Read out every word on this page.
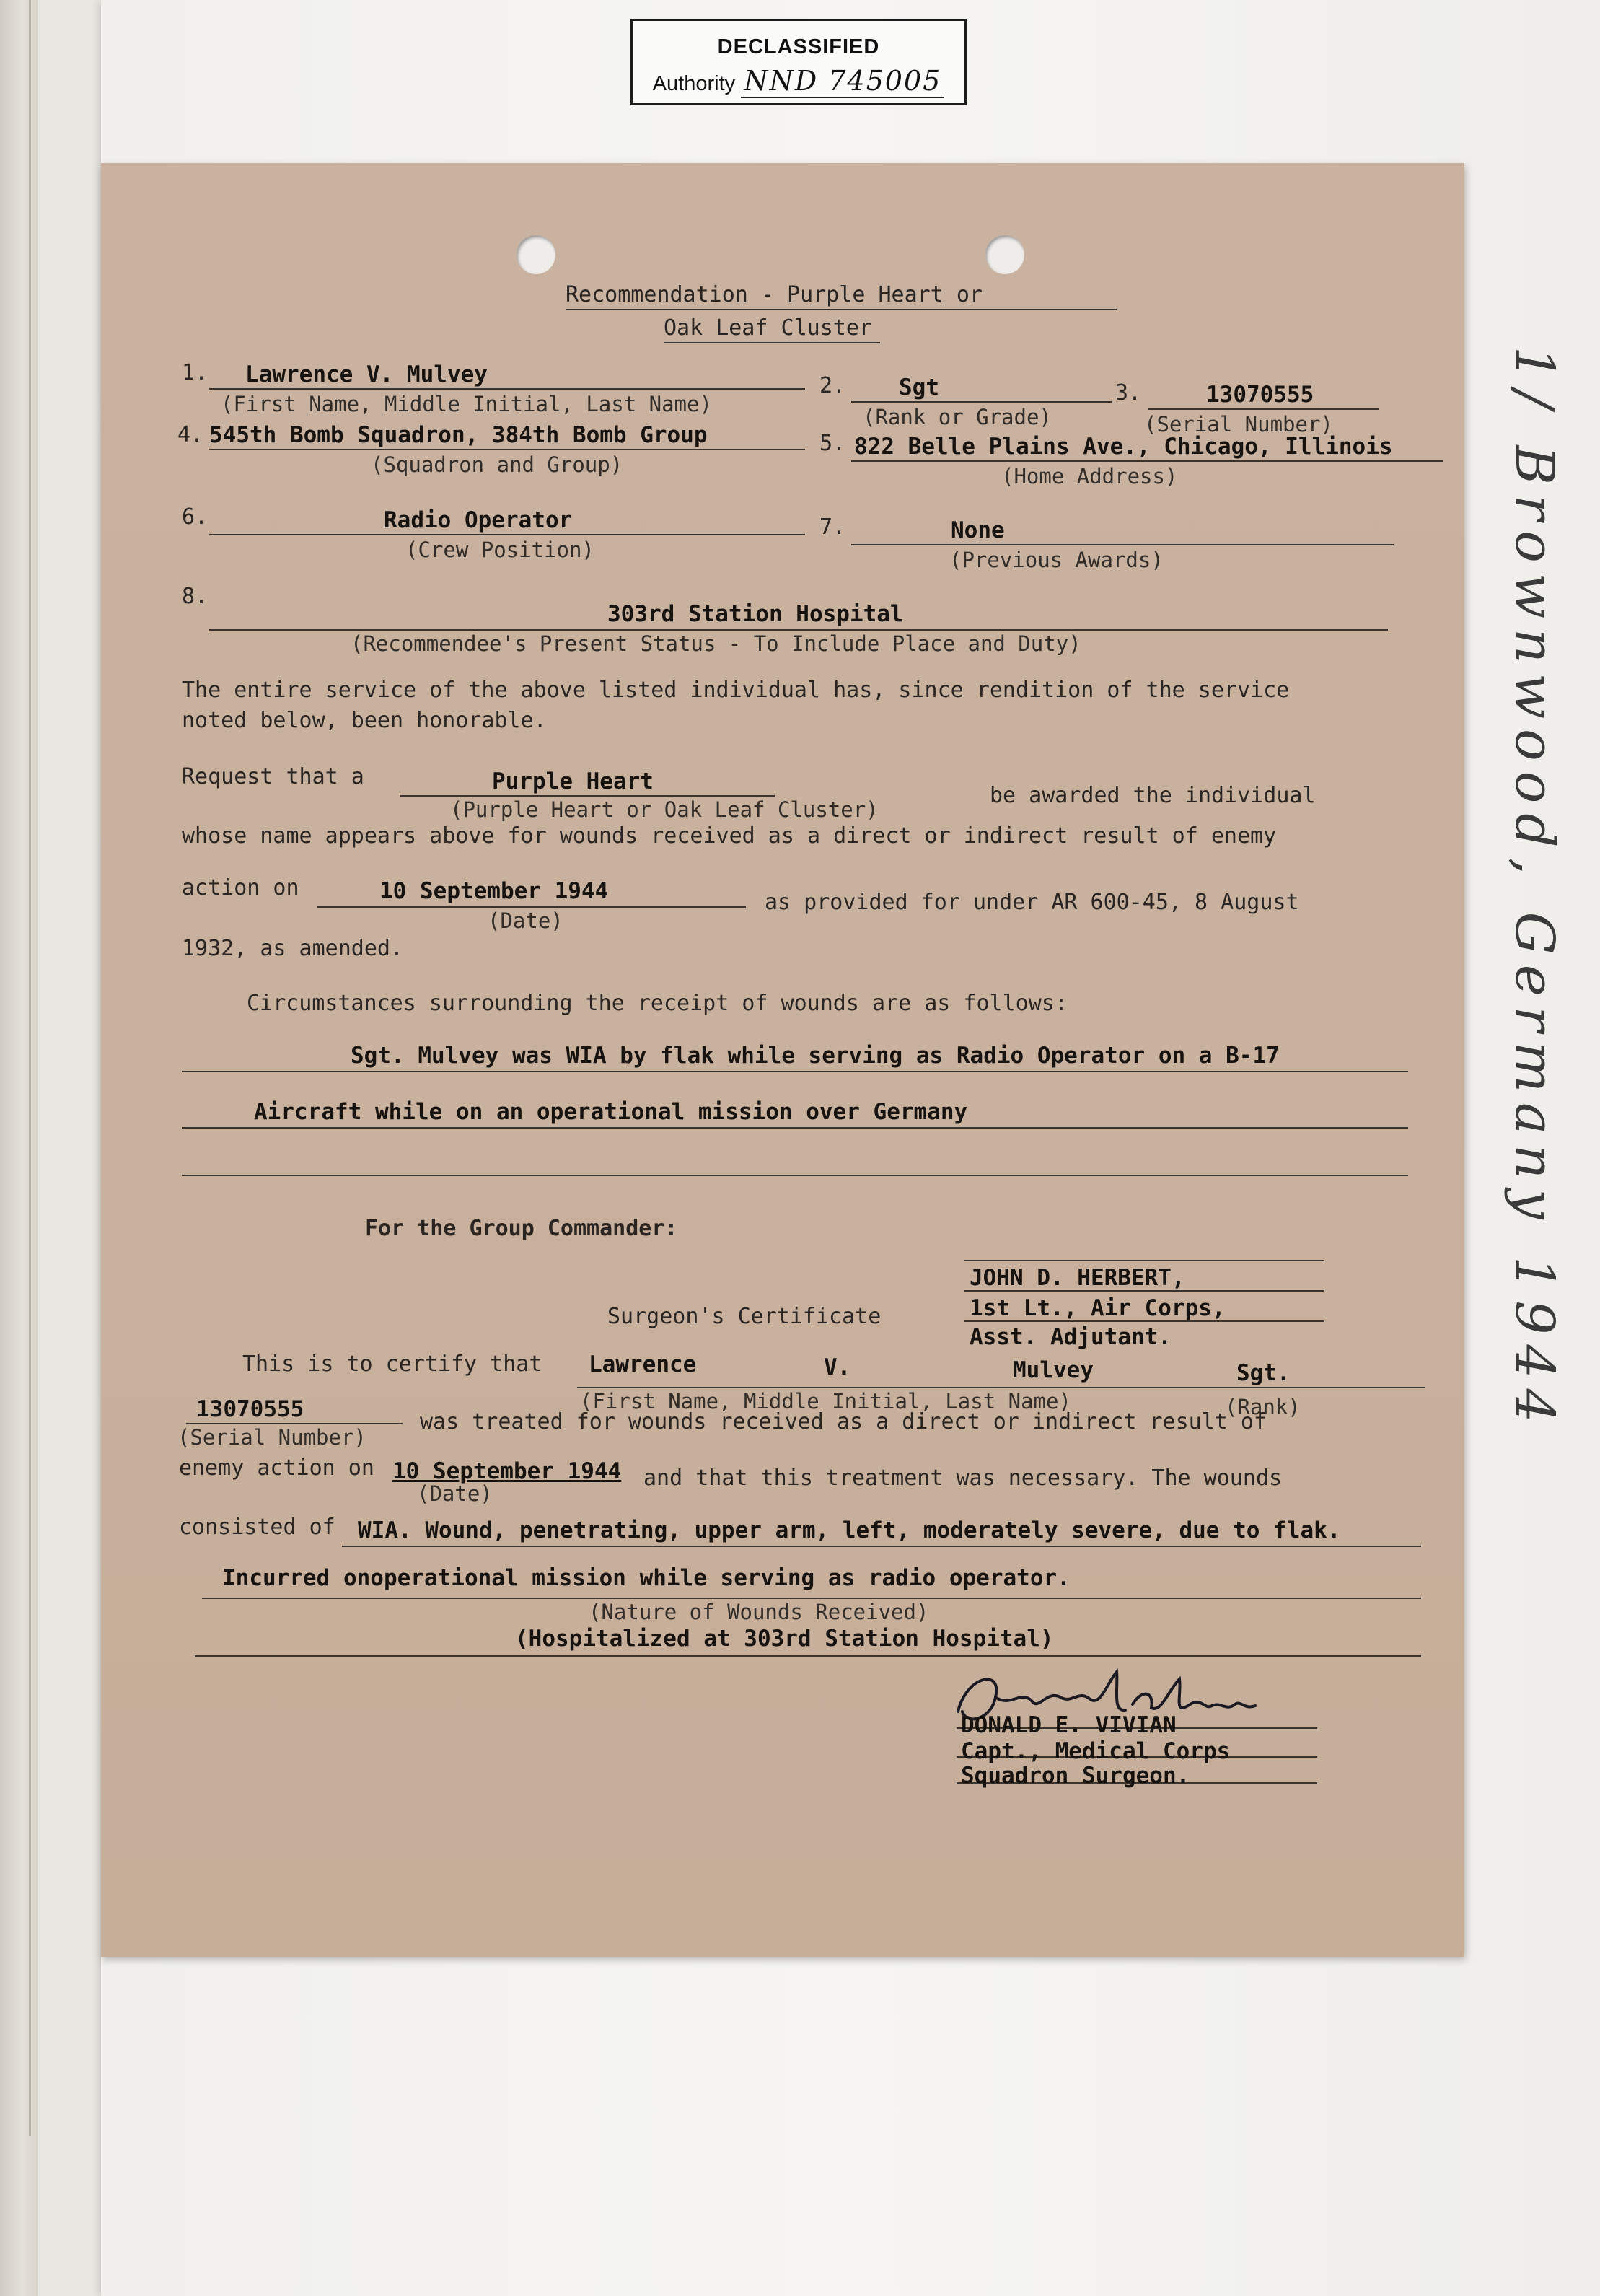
1/ Brownwood, Germany 1944
DECLASSIFIED
Authority NND 745005
Recommendation - Purple Heart or
Oak Leaf Cluster
1. Lawrence V. Mulvey
(First Name, Middle Initial, Last Name)
2. Sgt
(Rank or Grade)
3.	13070555
(Serial Number)
4. 545th Bomb Squadron, 384th Bomb Group
(Squadron and Group)
5. 822 Belle Plains Ave., Chicago, Illinois
(Home Address)
6.	Radio Operator
(Crew Position)
7.	None
(Previous Awards)
8.
303rd Station Hospital
(Recommendee's Present Status - To Include Place and Duty)
The entire service of the above listed individual has, since rendition of the service
noted below, been honorable.
Request that a	Purple Heart
(Purple Heart or Oak Leaf Cluster)
be awarded the individual
whose name appears above for wounds received as a direct or indirect result of enemy
action on	10 September 1944
(Date)
as provided for under AR 600-45, 8 August
1932, as amended.
Circumstances surrounding the receipt of wounds are as follows:
Sgt. Mulvey was WIA by flak while serving as Radio Operator on a B-17
Aircraft while on an operational mission over Germany
For the Group Commander:
JOHN D. HERBERT,
1st Lt., Air Corps,
Asst. Adjutant.
Surgeon's Certificate
This is to certify that Lawrence	V.	Mulvey	Sgt.
(First Name, Middle Initial, Last Name)	(Rank)
13070555
(Serial Number)
was treated for wounds received as a direct or indirect result of
enemy action on 10 September 1944
(Date)
and that this treatment was necessary. The wounds
consisted of WIA. Wound, penetrating, upper arm, left, moderately severe, due to flak.
Incurred onoperational mission while serving as radio operator.
(Nature of Wounds Received)
(Hospitalized at 303rd Station Hospital)
DONALD E. VIVIAN
Capt., Medical Corps
Squadron Surgeon.
